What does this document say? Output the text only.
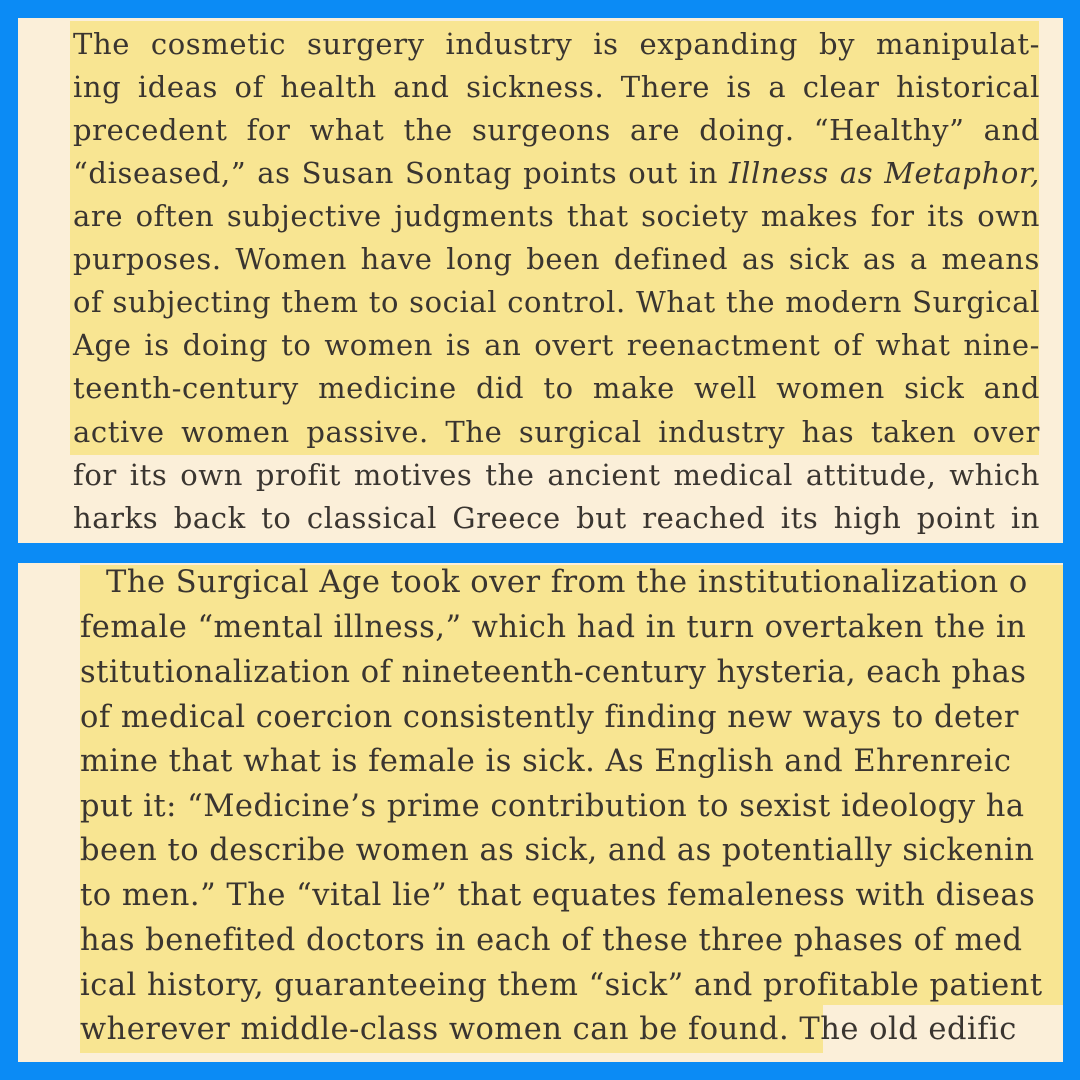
The cosmetic surgery industry is expanding by manipulat-
ing ideas of health and sickness. There is a clear historical
precedent for what the surgeons are doing. “Healthy” and
“diseased,” as Susan Sontag points out in Illness as Metaphor,
are often subjective judgments that society makes for its own
purposes. Women have long been defined as sick as a means
of subjecting them to social control. What the modern Surgical
Age is doing to women is an overt reenactment of what nine-
teenth-century medicine did to make well women sick and
active women passive. The surgical industry has taken over
for its own profit motives the ancient medical attitude, which
harks back to classical Greece but reached its high point in
The Surgical Age took over from the institutionalization o
female “mental illness,” which had in turn overtaken the in
stitutionalization of nineteenth-century hysteria, each phas
of medical coercion consistently finding new ways to deter
mine that what is female is sick. As English and Ehrenreic
put it: “Medicine’s prime contribution to sexist ideology ha
been to describe women as sick, and as potentially sickenin
to men.” The “vital lie” that equates femaleness with diseas
has benefited doctors in each of these three phases of med
ical history, guaranteeing them “sick” and profitable patient
wherever middle-class women can be found. The old edific
